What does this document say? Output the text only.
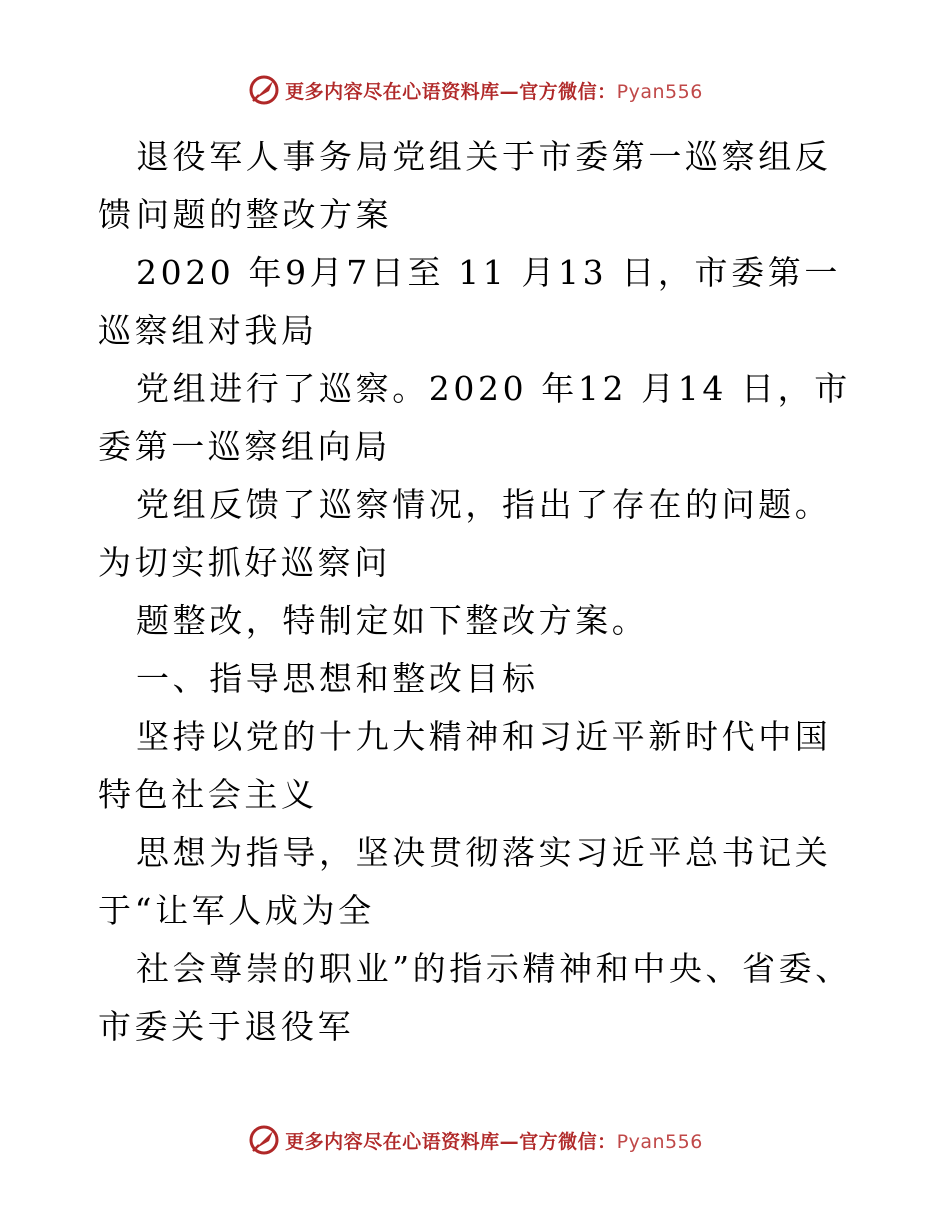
更多内容尽在心语资料库—官方微信：Pyan556
退役军人事务局党组关于市委第一巡察组反馈 问题的整改方案
2020 年9月7日至 11 月13 日，市委第一巡察组对我局
党组进行了巡察。2020 年12 月14 日，市委第一巡察组向局
党组反馈了巡察情况，指出了存在的问题。为切实抓好巡察问
题整改，特制定如下整改方案。
一、指导思想和整改目标
坚持以党的十九大精神和习近平新时代中国特色社会主义
思想为指导，坚决贯彻落实习近平总书记关于“让军人成为全
社会尊崇的职业”的指示精神和中央、省委、市委关于退役军
更多内容尽在心语资料库—官方微信：Pyan556
